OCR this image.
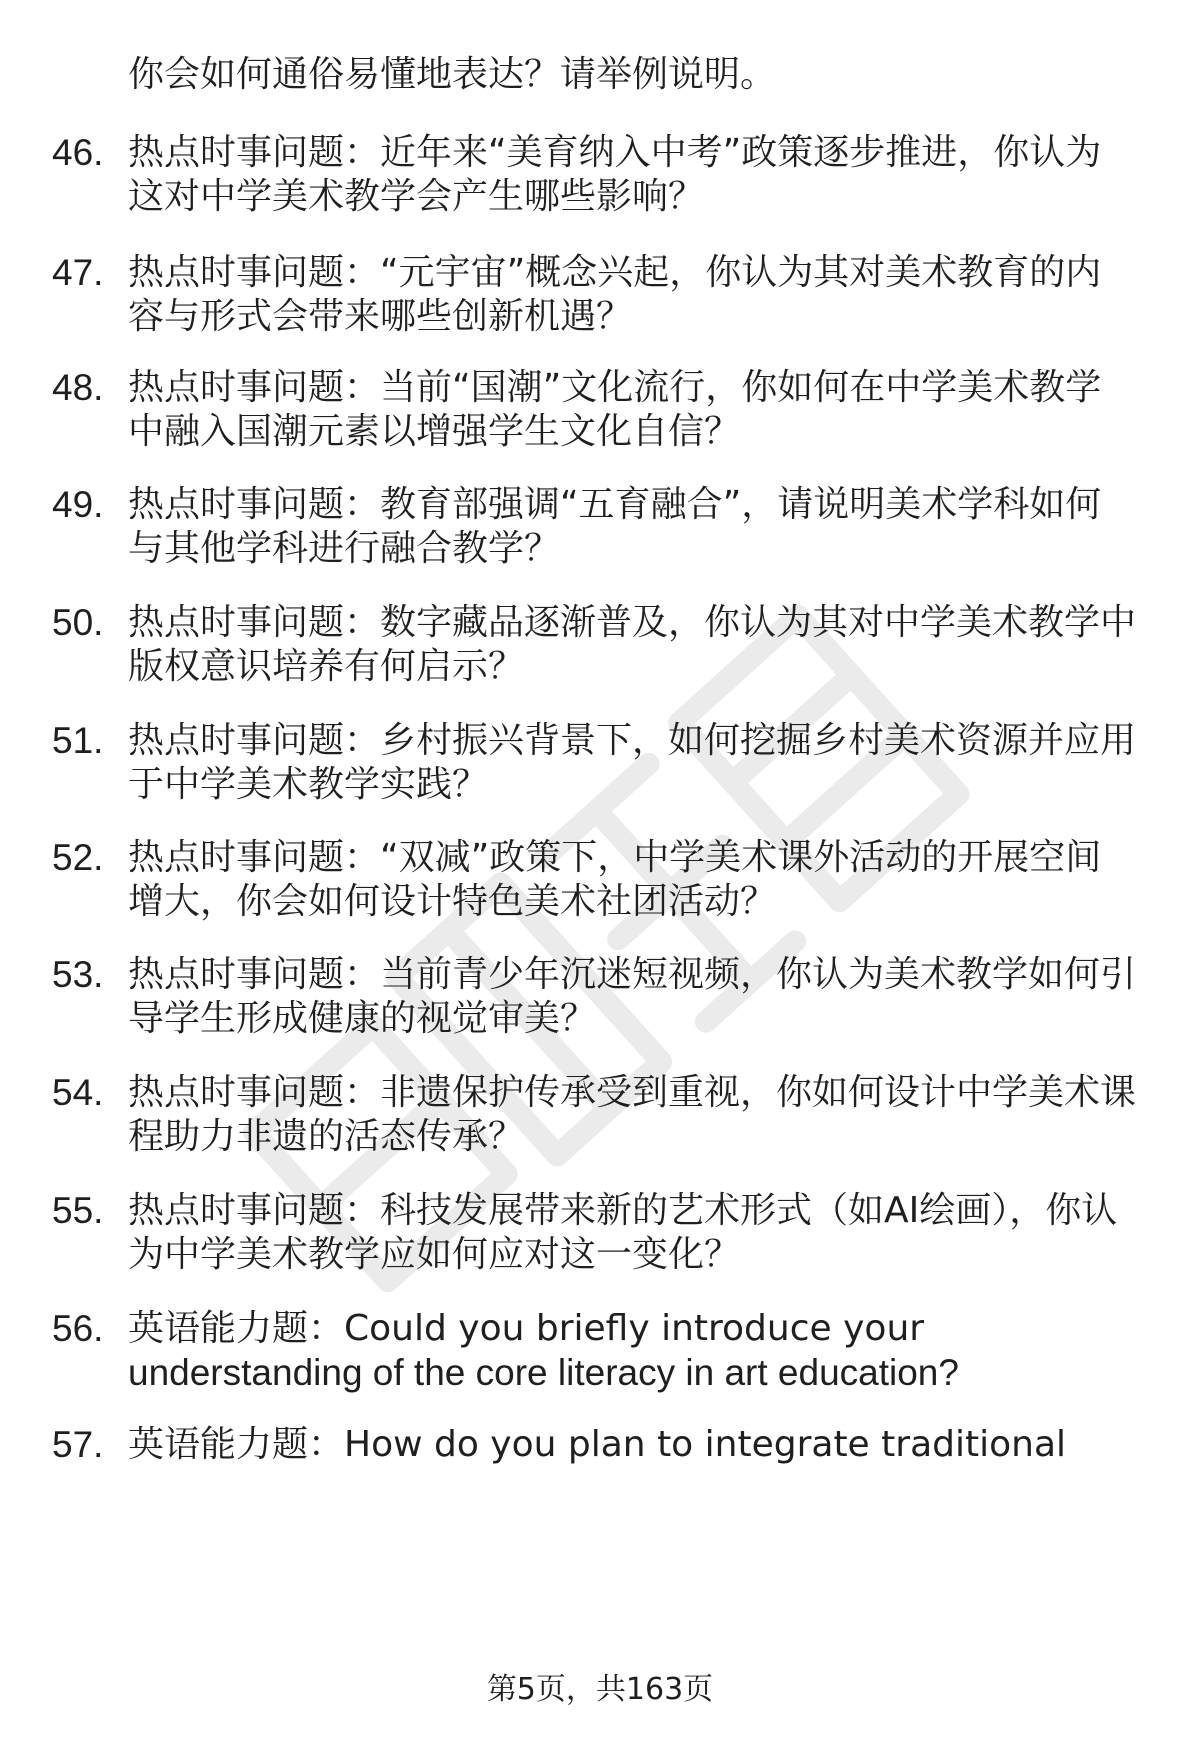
你会如何通俗易懂地表达？请举例说明。
46. 热点时事问题：近年来“美育纳入中考”政策逐步推进，你认为
这对中学美术教学会产生哪些影响？
47. 热点时事问题：“元宇宙”概念兴起，你认为其对美术教育的内
容与形式会带来哪些创新机遇？
48. 热点时事问题：当前“国潮”文化流行，你如何在中学美术教学
中融入国潮元素以增强学生文化自信？
49. 热点时事问题：教育部强调“五育融合”，请说明美术学科如何
与其他学科进行融合教学？
50. 热点时事问题：数字藏品逐渐普及，你认为其对中学美术教学中
版权意识培养有何启示？
51. 热点时事问题：乡村振兴背景下，如何挖掘乡村美术资源并应用
于中学美术教学实践？
52. 热点时事问题：“双减”政策下，中学美术课外活动的开展空间
增大，你会如何设计特色美术社团活动？
53. 热点时事问题：当前青少年沉迷短视频，你认为美术教学如何引
导学生形成健康的视觉审美？
54. 热点时事问题：非遗保护传承受到重视，你如何设计中学美术课
程助力非遗的活态传承？
55. 热点时事问题：科技发展带来新的艺术形式（如AI绘画），你认
为中学美术教学应如何应对这一变化？
56. 英语能力题：Could you briefly introduce your
understanding of the core literacy in art education?
57. 英语能力题：How do you plan to integrate traditional
第5页，共163页
